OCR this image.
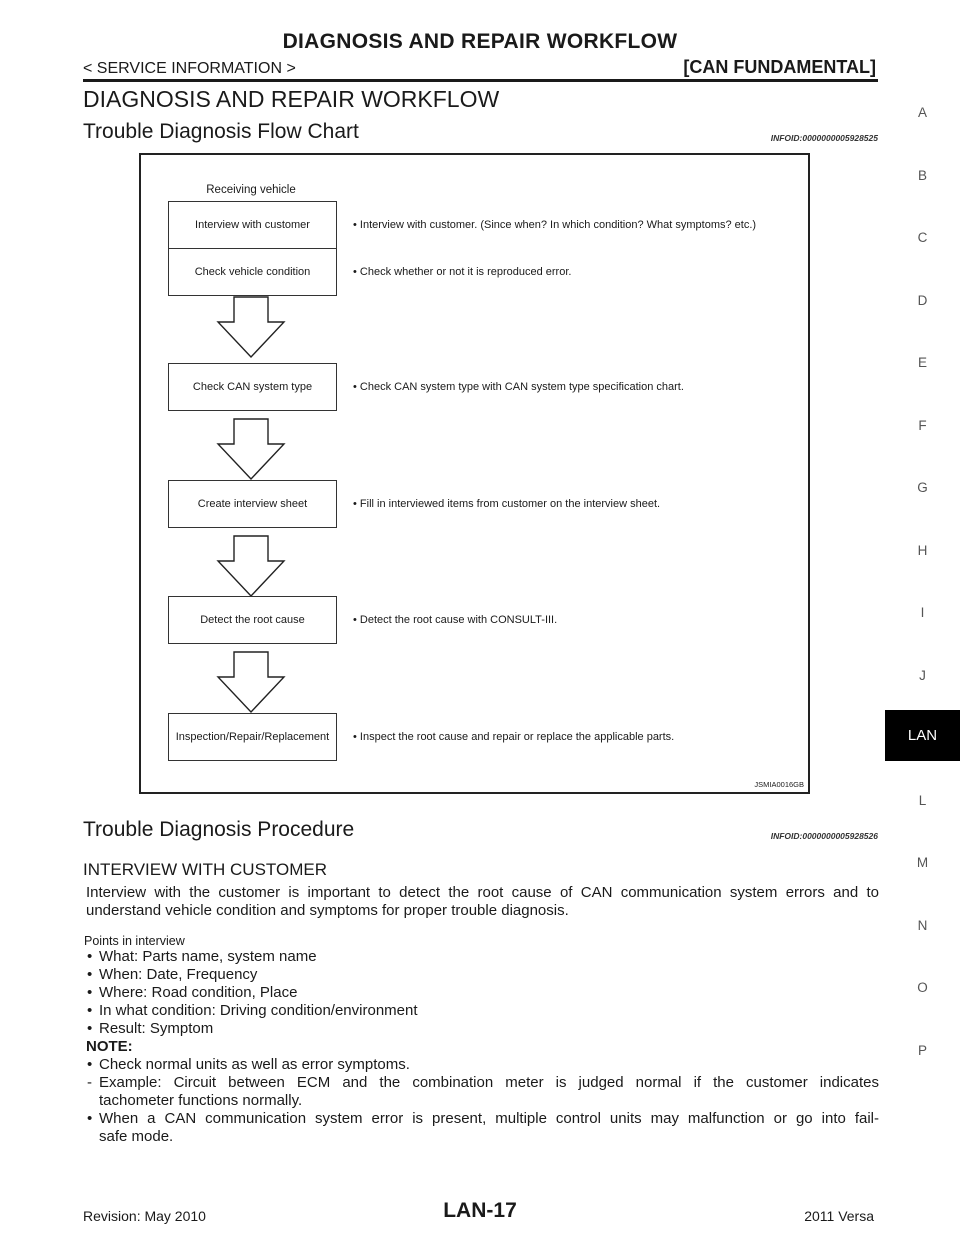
DIAGNOSIS AND REPAIR WORKFLOW
< SERVICE INFORMATION >	[CAN FUNDAMENTAL]
DIAGNOSIS AND REPAIR WORKFLOW
Trouble Diagnosis Flow Chart	INFOID:0000000005928525
Receiving vehicle
Interview with customer	• Interview with customer. (Since when? In which condition? What symptoms? etc.)
Check vehicle condition	• Check whether or not it is reproduced error.
Check CAN system type	• Check CAN system type with CAN system type specification chart.
Create interview sheet	• Fill in interviewed items from customer on the interview sheet.
Detect the root cause	• Detect the root cause with CONSULT-III.
Inspection/Repair/Replacement	• Inspect the root cause and repair or replace the applicable parts.
JSMIA0016GB
Trouble Diagnosis Procedure	INFOID:0000000005928526
INTERVIEW WITH CUSTOMER
Interview with the customer is important to detect the root cause of CAN communication system errors and to understand vehicle condition and symptoms for proper trouble diagnosis.
Points in interview
• What: Parts name, system name
• When: Date, Frequency
• Where: Road condition, Place
• In what condition: Driving condition/environment
• Result: Symptom
NOTE:
• Check normal units as well as error symptoms.
- Example: Circuit between ECM and the combination meter is judged normal if the customer indicates
tachometer functions normally.
• When a CAN communication system error is present, multiple control units may malfunction or go into fail-
safe mode.
A
B
C
D
E
F
G
H
I
J
LAN
L
M
N
O
P
Revision: May 2010	LAN-17	2011 Versa
